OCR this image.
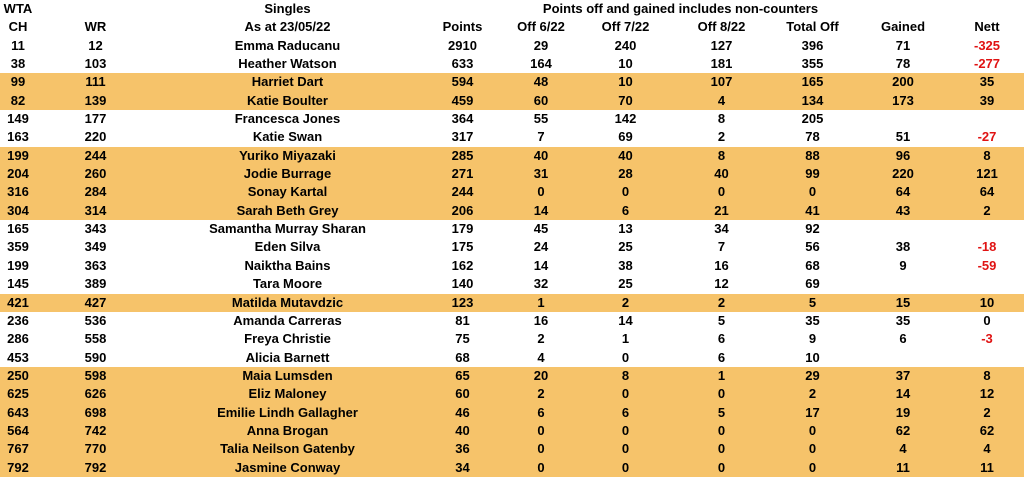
WTA	Singles	Points off and gained includes non-counters
CH	WR	As at 23/05/22	Points	Off 6/22	Off 7/22	Off 8/22	Total Off	Gained	Nett
11	12	Emma Raducanu	2910	29	240	127	396	71	-325
38	103	Heather Watson	633	164	10	181	355	78	-277
99	111	Harriet Dart	594	48	10	107	165	200	35
82	139	Katie Boulter	459	60	70	4	134	173	39
149	177	Francesca Jones	364	55	142	8	205
163	220	Katie Swan	317	7	69	2	78	51	-27
199	244	Yuriko Miyazaki	285	40	40	8	88	96	8
204	260	Jodie Burrage	271	31	28	40	99	220	121
316	284	Sonay Kartal	244	0	0	0	0	64	64
304	314	Sarah Beth Grey	206	14	6	21	41	43	2
165	343	Samantha Murray Sharan	179	45	13	34	92
359	349	Eden Silva	175	24	25	7	56	38	-18
199	363	Naiktha Bains	162	14	38	16	68	9	-59
145	389	Tara Moore	140	32	25	12	69
421	427	Matilda Mutavdzic	123	1	2	2	5	15	10
236	536	Amanda Carreras	81	16	14	5	35	35	0
286	558	Freya Christie	75	2	1	6	9	6	-3
453	590	Alicia Barnett	68	4	0	6	10
250	598	Maia Lumsden	65	20	8	1	29	37	8
625	626	Eliz Maloney	60	2	0	0	2	14	12
643	698	Emilie Lindh Gallagher	46	6	6	5	17	19	2
564	742	Anna Brogan	40	0	0	0	0	62	62
767	770	Talia Neilson Gatenby	36	0	0	0	0	4	4
792	792	Jasmine Conway	34	0	0	0	0	11	11
